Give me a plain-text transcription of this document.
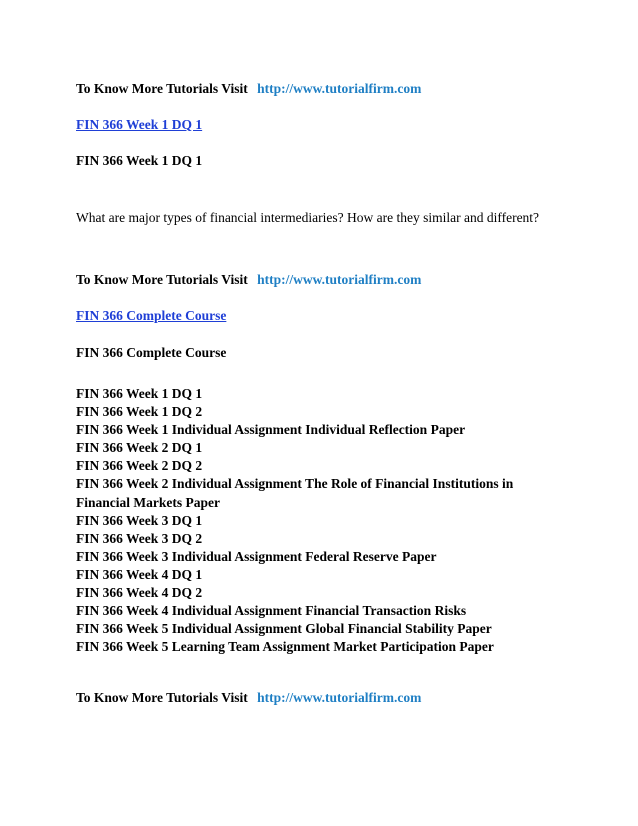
To Know More Tutorials Visit http://www.tutorialfirm.com
FIN 366 Week 1 DQ 1
FIN 366 Week 1 DQ 1
What are major types of financial intermediaries? How are they similar and different?
To Know More Tutorials Visit http://www.tutorialfirm.com
FIN 366 Complete Course
FIN 366 Complete Course
FIN 366 Week 1 DQ 1
FIN 366 Week 1 DQ 2
FIN 366 Week 1 Individual Assignment Individual Reflection Paper
FIN 366 Week 2 DQ 1
FIN 366 Week 2 DQ 2
FIN 366 Week 2 Individual Assignment The Role of Financial Institutions in
Financial Markets Paper
FIN 366 Week 3 DQ 1
FIN 366 Week 3 DQ 2
FIN 366 Week 3 Individual Assignment Federal Reserve Paper
FIN 366 Week 4 DQ 1
FIN 366 Week 4 DQ 2
FIN 366 Week 4 Individual Assignment Financial Transaction Risks
FIN 366 Week 5 Individual Assignment Global Financial Stability Paper
FIN 366 Week 5 Learning Team Assignment Market Participation Paper
To Know More Tutorials Visit http://www.tutorialfirm.com
